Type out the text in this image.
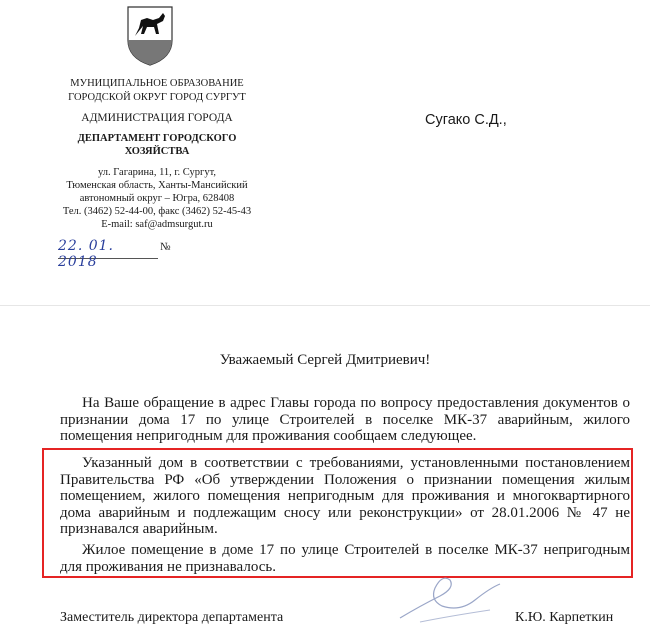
МУНИЦИПАЛЬНОЕ ОБРАЗОВАНИЕ
ГОРОДСКОЙ ОКРУГ ГОРОД СУРГУТ
АДМИНИСТРАЦИЯ ГОРОДА
ДЕПАРТАМЕНТ ГОРОДСКОГО
ХОЗЯЙСТВА
ул. Гагарина, 11, г. Сургут,
Тюменская область, Ханты-Мансийский
автономный округ – Югра, 628408
Тел. (3462) 52-44-00, факс (3462) 52-45-43
E-mail: saf@admsurgut.ru
22. 01. 2018
№
Сугако С.Д.,
Уважаемый Сергей Дмитриевич!
На Ваше обращение в адрес Главы города по вопросу предоставления документов о признании дома 17 по улице Строителей в поселке МК-37 аварийным, жилого помещения непригодным для проживания сообщаем следующее.
Указанный дом в соответствии с требованиями, установленными постановлением Правительства РФ «Об утверждении Положения о признании помещения жилым помещением, жилого помещения непригодным для проживания и многоквартирного дома аварийным и подлежащим сносу или реконструкции» от 28.01.2006 № 47 не признавался аварийным.
Жилое помещение в доме 17 по улице Строителей в поселке МК-37 непригодным для проживания не признавалось.
Заместитель директора департамента	К.Ю. Карпеткин
